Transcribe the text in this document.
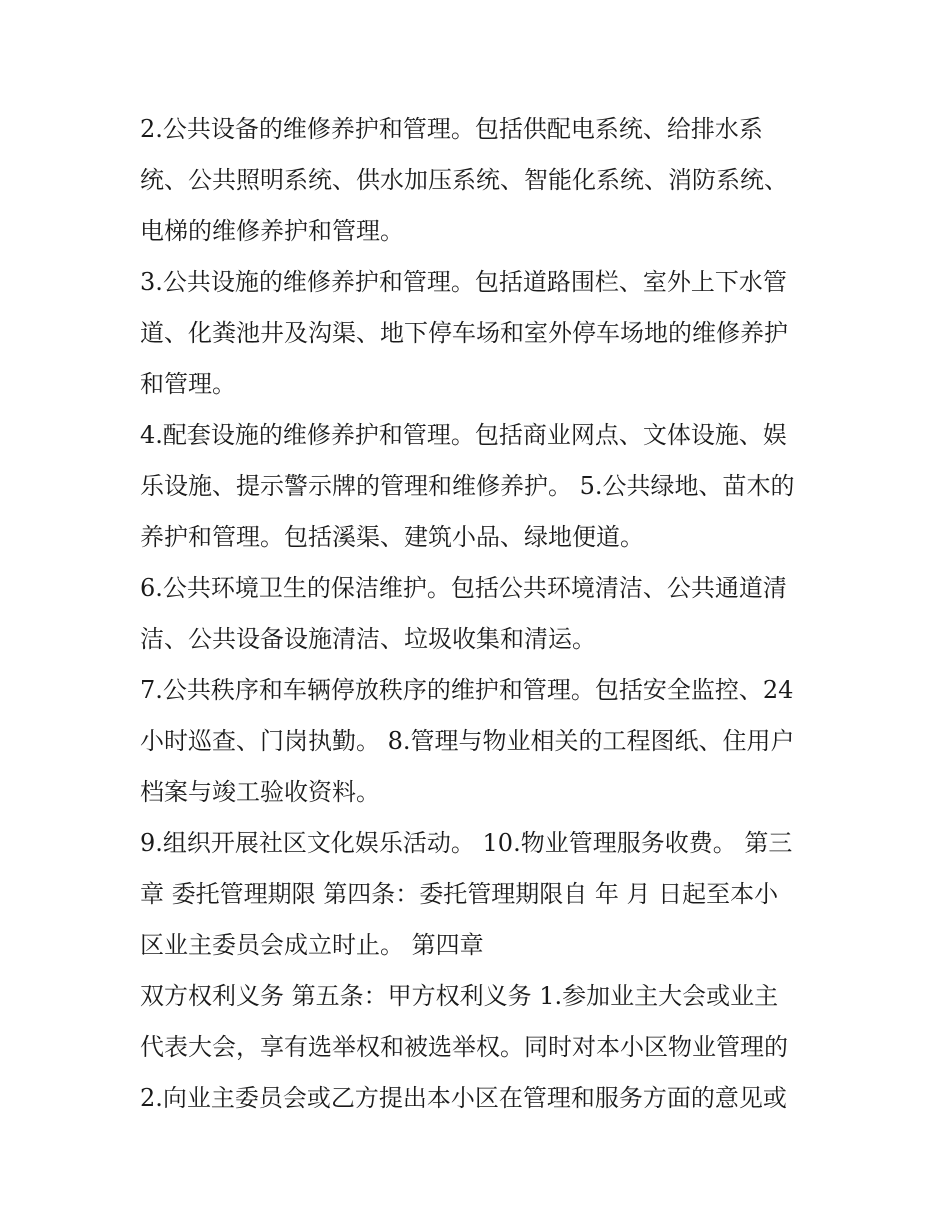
2.公共设备的维修养护和管理。包括供配电系统、给排水系
统、公共照明系统、供水加压系统、智能化系统、消防系统、
电梯的维修养护和管理。
3.公共设施的维修养护和管理。包括道路围栏、室外上下水管
道、化粪池井及沟渠、地下停车场和室外停车场地的维修养护
和管理。
4.配套设施的维修养护和管理。包括商业网点、文体设施、娱
乐设施、提示警示牌的管理和维修养护。 5.公共绿地、苗木的
养护和管理。包括溪渠、建筑小品、绿地便道。
6.公共环境卫生的保洁维护。包括公共环境清洁、公共通道清
洁、公共设备设施清洁、垃圾收集和清运。
7.公共秩序和车辆停放秩序的维护和管理。包括安全监控、24
小时巡查、门岗执勤。 8.管理与物业相关的工程图纸、住用户
档案与竣工验收资料。
9.组织开展社区文化娱乐活动。 10.物业管理服务收费。 第三
章 委托管理期限 第四条：委托管理期限自 年 月 日起至本小
区业主委员会成立时止。 第四章
双方权利义务 第五条：甲方权利义务 1.参加业主大会或业主
代表大会，享有选举权和被选举权。同时对本小区物业管理的
2.向业主委员会或乙方提出本小区在管理和服务方面的意见或
